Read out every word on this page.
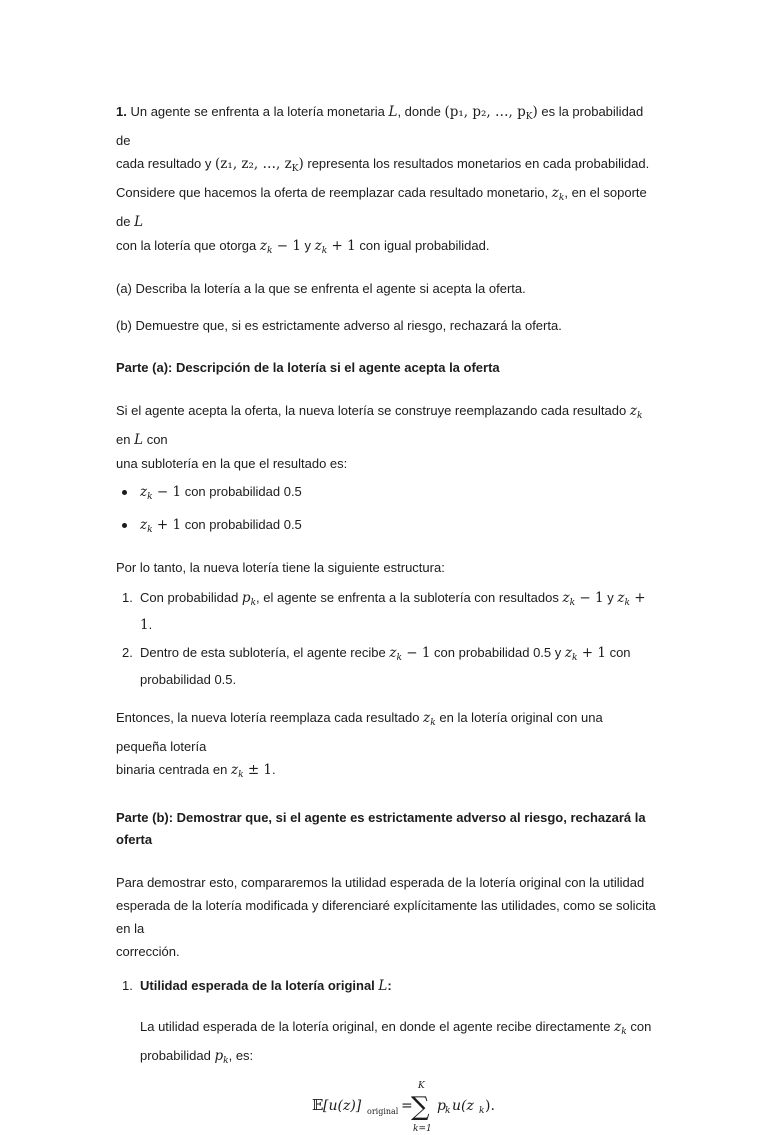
1. Un agente se enfrenta a la lotería monetaria L, donde (p₁, p₂, …, $p_K$) es la probabilidad de
cada resultado y (z₁, z₂, …, $z_K$) representa los resultados monetarios en cada probabilidad.
Considere que hacemos la oferta de reemplazar cada resultado monetario, $z_k$, en el soporte de L
con la lotería que otorga $z_k - 1$ y $z_k + 1$ con igual probabilidad.

(a) Describa la lotería a la que se enfrenta el agente si acepta la oferta.

(b) Demuestre que, si es estrictamente adverso al riesgo, rechazará la oferta.

Parte (a): Descripción de la lotería si el agente acepta la oferta

Si el agente acepta la oferta, la nueva lotería se construye reemplazando cada resultado $z_k$ en L con
una sublotería en la que el resultado es:

$z_k - 1$ con probabilidad 0.5
$z_k + 1$ con probabilidad 0.5

Por lo tanto, la nueva lotería tiene la siguiente estructura:

1. Con probabilidad $p_k$, el agente se enfrenta a la sublotería con resultados $z_k - 1$ y $z_k + 1$.
2. Dentro de esta sublotería, el agente recibe $z_k - 1$ con probabilidad 0.5 y $z_k + 1$ con
probabilidad 0.5.

Entonces, la nueva lotería reemplaza cada resultado $z_k$ en la lotería original con una pequeña lotería
binaria centrada en $z_k \pm 1$.

Parte (b): Demostrar que, si el agente es estrictamente adverso al riesgo, rechazará la oferta

Para demostrar esto, compararemos la utilidad esperada de la lotería original con la utilidad
esperada de la lotería modificada y diferenciaré explícitamente las utilidades, como se solicita en la
corrección.

1. Utilidad esperada de la lotería original L:

La utilidad esperada de la lotería original, en donde el agente recibe directamente $z_k$ con
probabilidad $p_k$, es:

𝔼 [u(z)] original =
K
∑
k=1
p k u(z k ).
